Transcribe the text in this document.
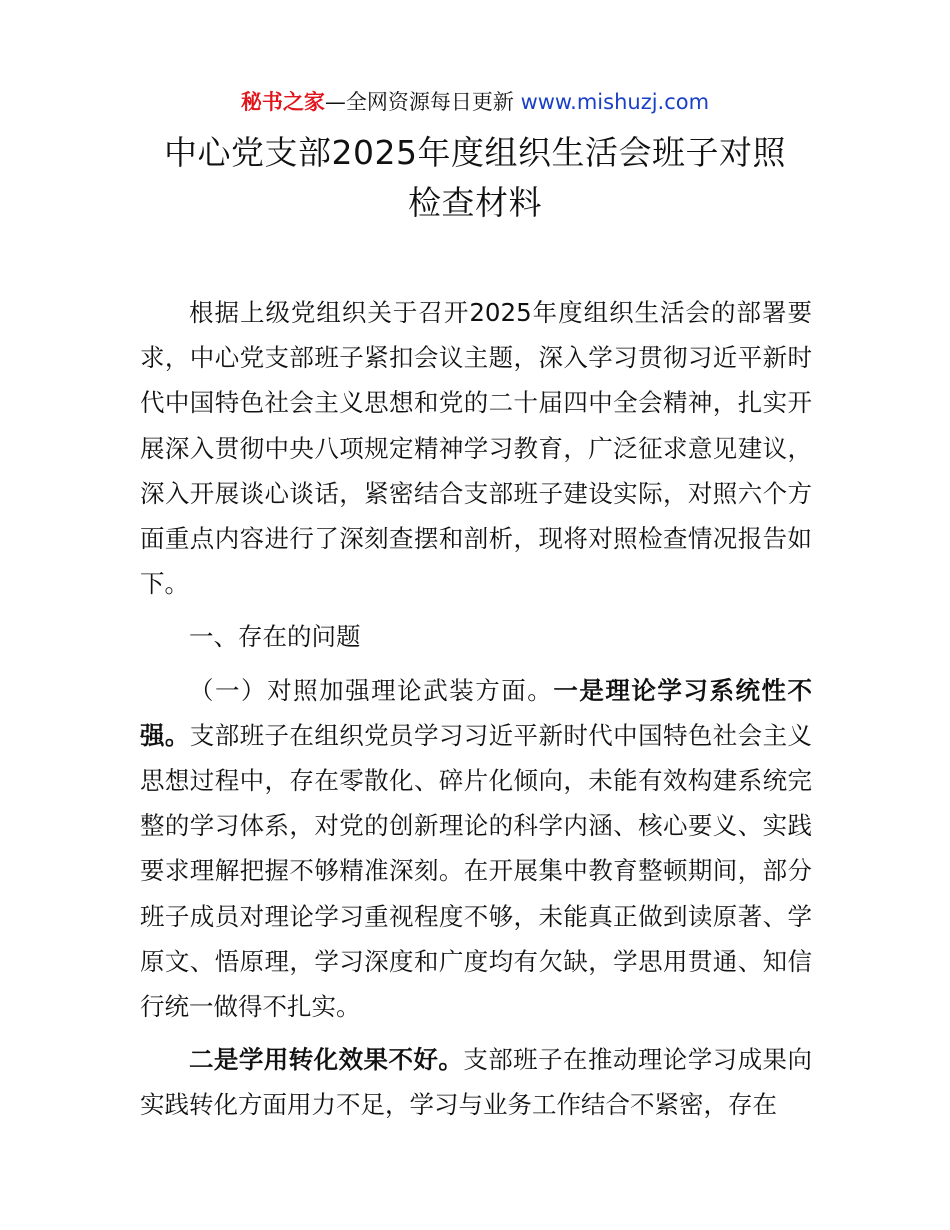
秘书之家—全网资源每日更新 www.mishuzj.com
中心党支部2025年度组织生活会班子对照
检查材料

根据上级党组织关于召开2025年度组织生活会的部署要求，中心党支部班子紧扣会议主题，深入学习贯彻习近平新时代中国特色社会主义思想和党的二十届四中全会精神，扎实开展深入贯彻中央八项规定精神学习教育，广泛征求意见建议，深入开展谈心谈话，紧密结合支部班子建设实际，对照六个方面重点内容进行了深刻查摆和剖析，现将对照检查情况报告如下。

一、存在的问题

（一）对照加强理论武装方面。一是理论学习系统性不强。支部班子在组织党员学习习近平新时代中国特色社会主义思想过程中，存在零散化、碎片化倾向，未能有效构建系统完整的学习体系，对党的创新理论的科学内涵、核心要义、实践要求理解把握不够精准深刻。在开展集中教育整顿期间，部分班子成员对理论学习重视程度不够，未能真正做到读原著、学原文、悟原理，学习深度和广度均有欠缺，学思用贯通、知信行统一做得不扎实。

二是学用转化效果不好。支部班子在推动理论学习成果向实践转化方面用力不足，学习与业务工作结合不紧密，存在
